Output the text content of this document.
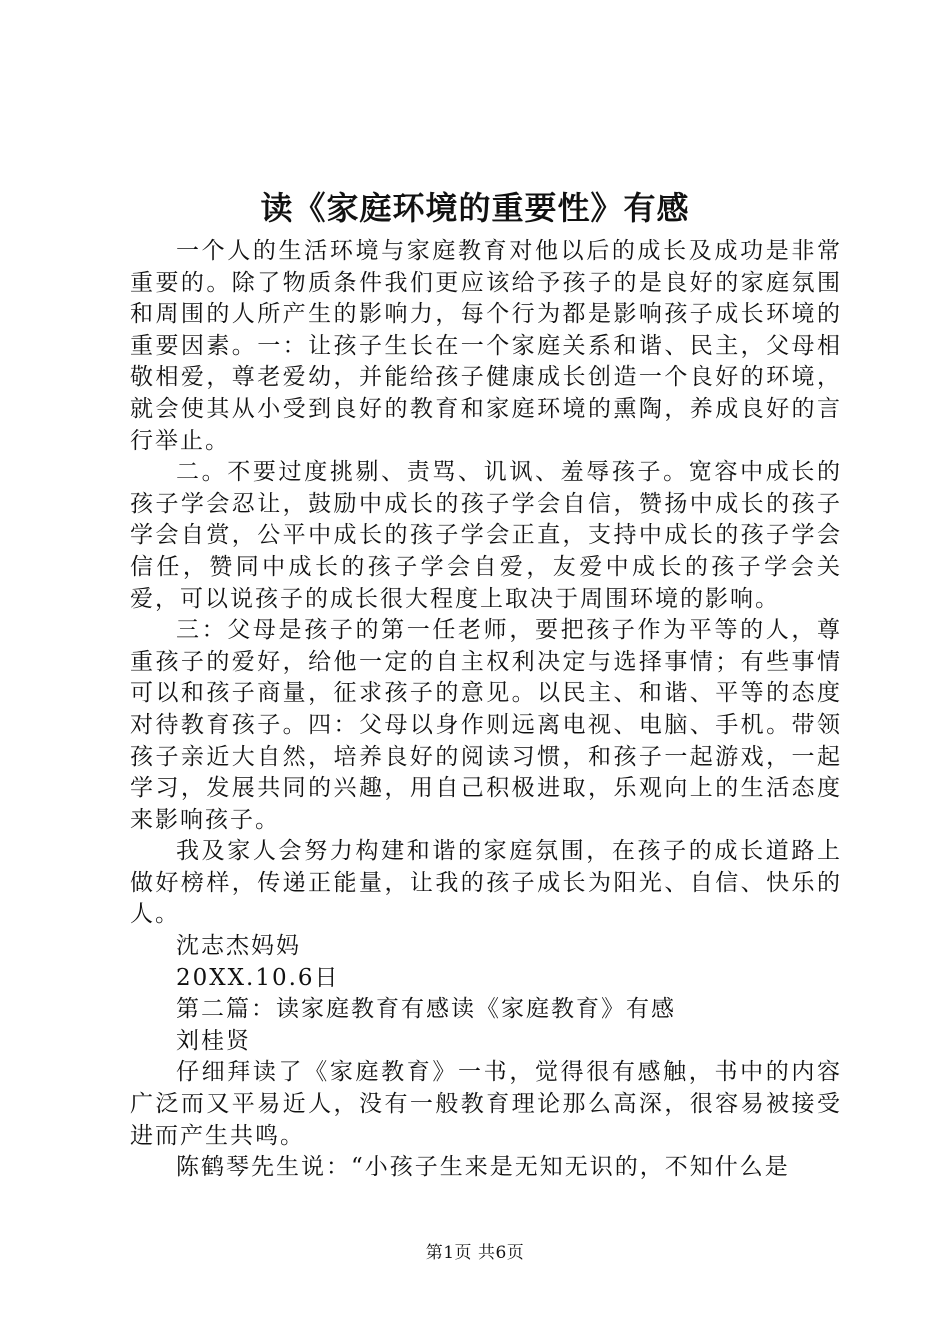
读《家庭环境的重要性》有感

一个人的生活环境与家庭教育对他以后的成长及成功是非常重要的。除了物质条件我们更应该给予孩子的是良好的家庭氛围和周围的人所产生的影响力，每个行为都是影响孩子成长环境的重要因素。一：让孩子生长在一个家庭关系和谐、民主，父母相敬相爱，尊老爱幼，并能给孩子健康成长创造一个良好的环境，就会使其从小受到良好的教育和家庭环境的熏陶，养成良好的言行举止。

二。不要过度挑剔、责骂、讥讽、羞辱孩子。宽容中成长的孩子学会忍让，鼓励中成长的孩子学会自信，赞扬中成长的孩子学会自赏，公平中成长的孩子学会正直，支持中成长的孩子学会信任，赞同中成长的孩子学会自爱，友爱中成长的孩子学会关爱，可以说孩子的成长很大程度上取决于周围环境的影响。

三：父母是孩子的第一任老师，要把孩子作为平等的人，尊重孩子的爱好，给他一定的自主权利决定与选择事情；有些事情可以和孩子商量，征求孩子的意见。以民主、和谐、平等的态度对待教育孩子。四：父母以身作则远离电视、电脑、手机。带领孩子亲近大自然，培养良好的阅读习惯，和孩子一起游戏，一起学习，发展共同的兴趣，用自己积极进取，乐观向上的生活态度来影响孩子。

我及家人会努力构建和谐的家庭氛围，在孩子的成长道路上做好榜样，传递正能量，让我的孩子成长为阳光、自信、快乐的人。

沈志杰妈妈

20XX.10.6日

第二篇：读家庭教育有感读《家庭教育》有感

刘桂贤

仔细拜读了《家庭教育》一书，觉得很有感触，书中的内容广泛而又平易近人，没有一般教育理论那么高深，很容易被接受进而产生共鸣。

陈鹤琴先生说：“小孩子生来是无知无识的，不知什么是

第1页 共6页
